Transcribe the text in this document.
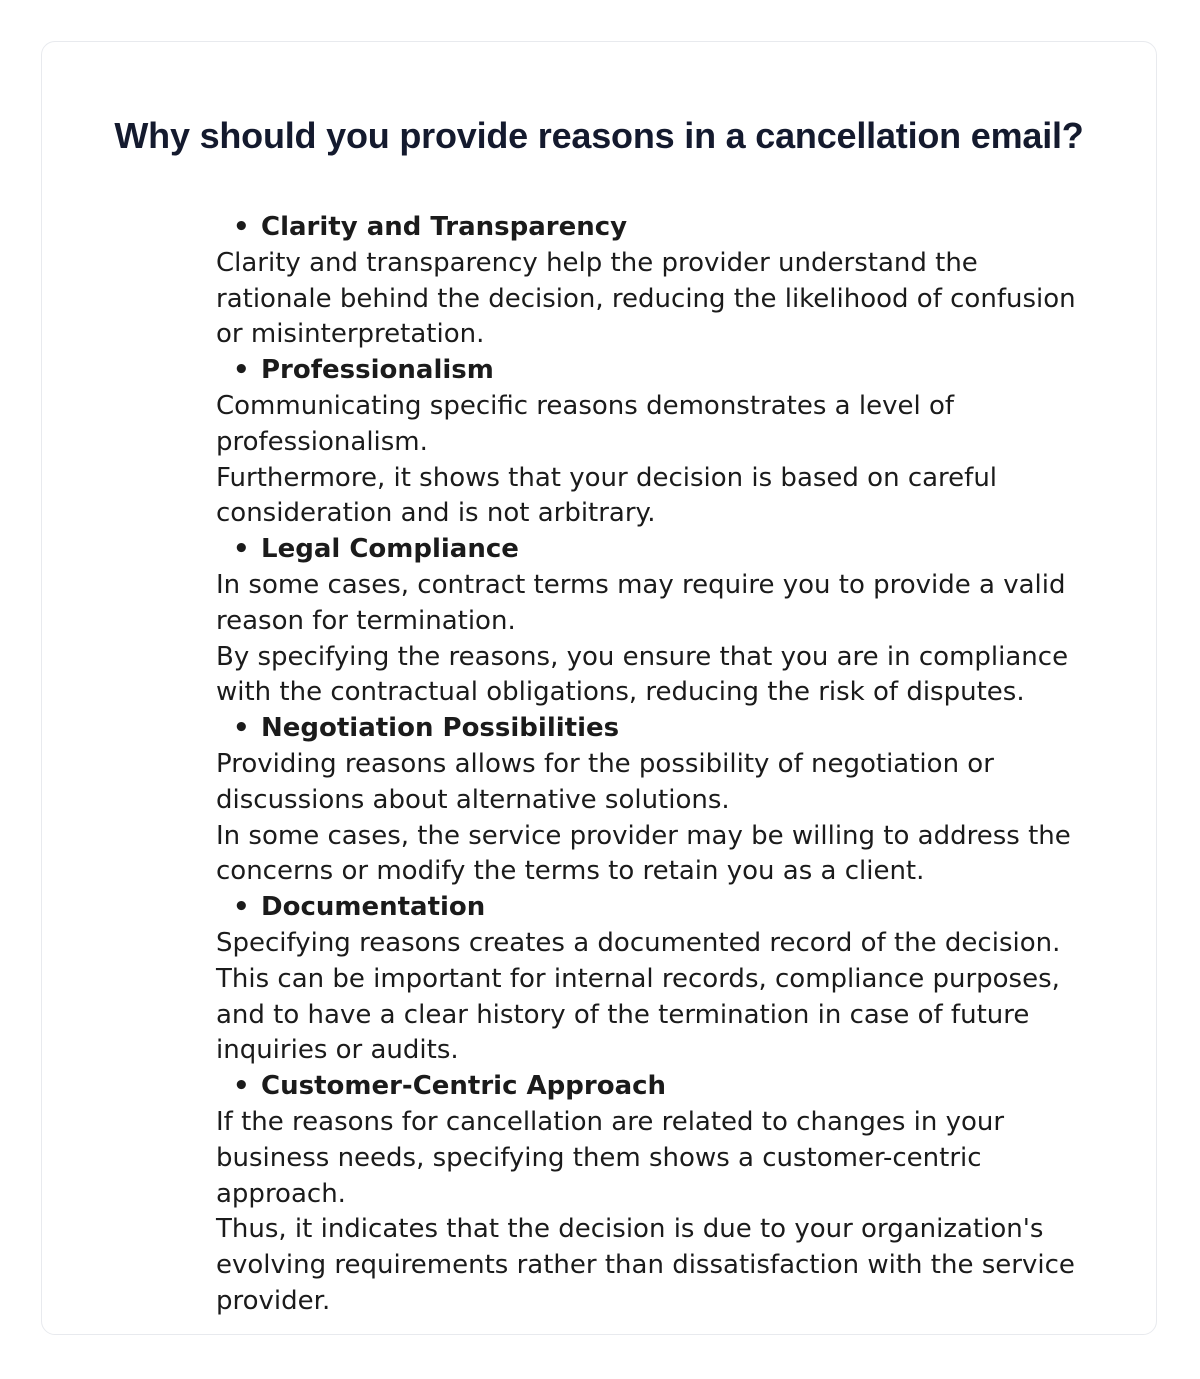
Why should you provide reasons in a cancellation email?

• Clarity and Transparency

Clarity and transparency help the provider understand the rationale behind the decision, reducing the likelihood of confusion or misinterpretation.

• Professionalism

Communicating specific reasons demonstrates a level of professionalism.

Furthermore, it shows that your decision is based on careful consideration and is not arbitrary.

• Legal Compliance

In some cases, contract terms may require you to provide a valid reason for termination.

By specifying the reasons, you ensure that you are in compliance with the contractual obligations, reducing the risk of disputes.

• Negotiation Possibilities

Providing reasons allows for the possibility of negotiation or discussions about alternative solutions.

In some cases, the service provider may be willing to address the concerns or modify the terms to retain you as a client.

• Documentation

Specifying reasons creates a documented record of the decision. This can be important for internal records, compliance purposes, and to have a clear history of the termination in case of future inquiries or audits.

• Customer-Centric Approach

If the reasons for cancellation are related to changes in your business needs, specifying them shows a customer-centric approach.

Thus, it indicates that the decision is due to your organization's evolving requirements rather than dissatisfaction with the service provider.
